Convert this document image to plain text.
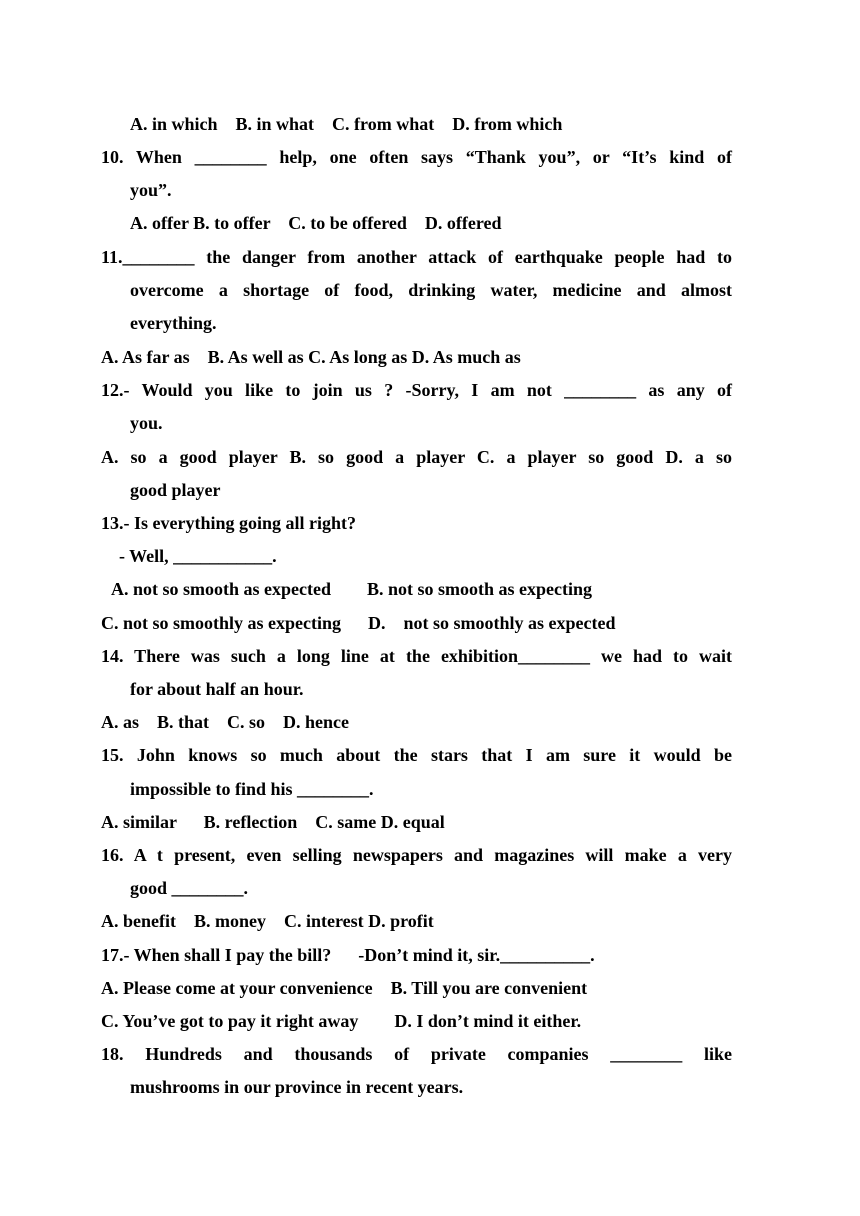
A. in which    B. in what    C. from what    D. from which
10. When ________ help, one often says “Thank you”, or “It’s kind of
you”.
A. offer B. to offer    C. to be offered    D. offered
11.________ the danger from another attack of earthquake people had to
overcome a shortage of food, drinking water, medicine and almost
everything.
A. As far as    B. As well as C. As long as D. As much as
12.- Would you like to join us ? -Sorry, I am not ________ as any of
you.
A. so a good player B. so good a player C. a player so good D. a so
good player
13.- Is everything going all right?
- Well, ___________.
A. not so smooth as expected        B. not so smooth as expecting
C. not so smoothly as expecting      D.    not so smoothly as expected
14. There was such a long line at the exhibition________ we had to wait
for about half an hour.
A. as    B. that    C. so    D. hence
15. John knows so much about the stars that I am sure it would be
impossible to find his ________.
A. similar      B. reflection    C. same D. equal
16. A t present, even selling newspapers and magazines will make a very
good ________.
A. benefit    B. money    C. interest D. profit
17.- When shall I pay the bill?      -Don’t mind it, sir.__________.
A. Please come at your convenience    B. Till you are convenient
C. You’ve got to pay it right away        D. I don’t mind it either.
18. Hundreds and thousands of private companies ________ like
mushrooms in our province in recent years.
